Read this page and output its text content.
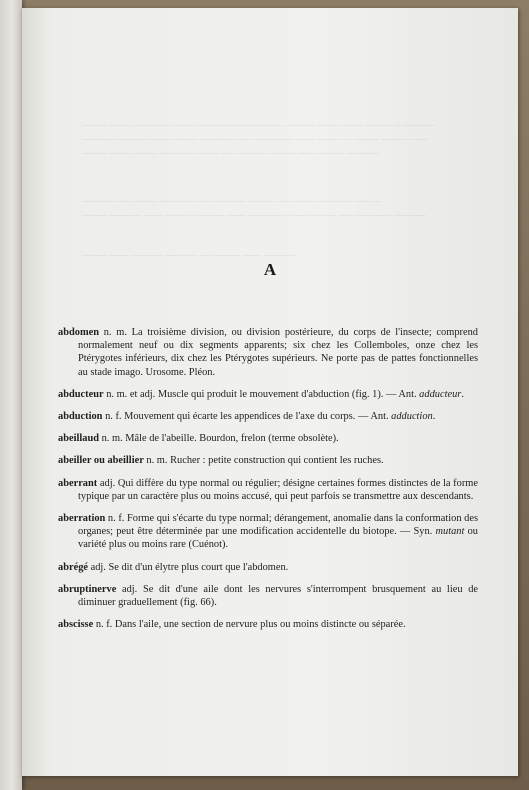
──── ─── ────── ──── ───── ── ───── ───── ──── ─── ──── ─ ─────
───── ───── ─── ──── ───── ─── ────── ─── ──── ─ ──── ──── ───
──── ─── ──── ───── ──── ── ───── ──── ─── ──── ─────
───── ── ──── ───── ─── ───── ──── ── ──── ───── ─── ─
──── ───── ─── ──── ───── ─── ────── ─── ──── ── ────── ─────
──── ─── ───── ───── ── ──── ─── ─────
A

abdomen n. m. La troisième division, ou division postérieure, du corps de l'insecte; comprend normalement neuf ou dix segments apparents; six chez les Collemboles, onze chez les Ptérygotes inférieurs, dix chez les Ptérygotes supérieurs. Ne porte pas de pattes fonctionnelles au stade imago. Urosome. Pléon.

abducteur n. m. et adj. Muscle qui produit le mouvement d'abduction (fig. 1). — Ant. adducteur.

abduction n. f. Mouvement qui écarte les appendices de l'axe du corps. — Ant. adduction.

abeillaud n. m. Mâle de l'abeille. Bourdon, frelon (terme obsolète).

abeiller ou abeillier n. m. Rucher : petite construction qui contient les ruches.

aberrant adj. Qui diffère du type normal ou régulier; désigne certaines formes distinctes de la forme typique par un caractère plus ou moins accusé, qui peut parfois se transmettre aux descendants.

aberration n. f. Forme qui s'écarte du type normal; dérangement, anomalie dans la conformation des organes; peut être déterminée par une modification accidentelle du biotope. — Syn. mutant ou variété plus ou moins rare (Cuénot).

abrégé adj. Se dit d'un élytre plus court que l'abdomen.

abruptinerve adj. Se dit d'une aile dont les nervures s'interrompent brusquement au lieu de diminuer graduellement (fig. 66).

abscisse n. f. Dans l'aile, une section de nervure plus ou moins distincte ou séparée.
